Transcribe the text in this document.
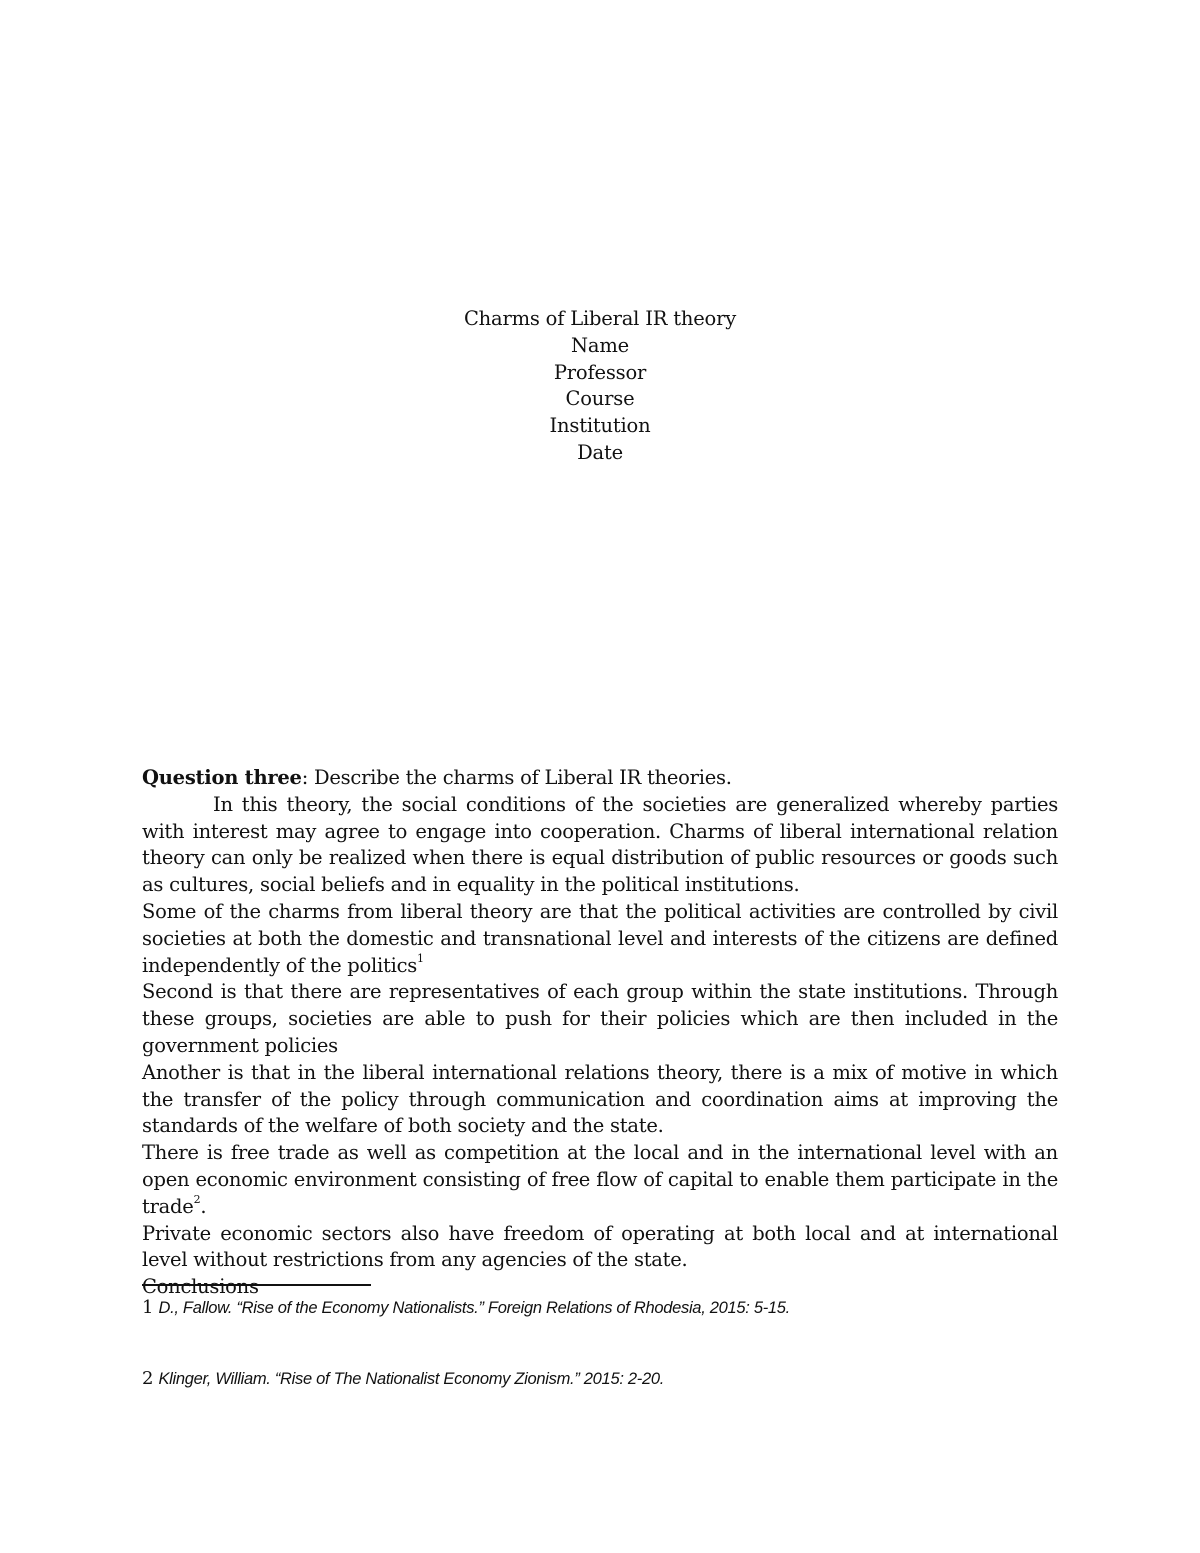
Charms of Liberal IR theory
Name
Professor
Course
Institution
Date

Question three: Describe the charms of Liberal IR theories.

In this theory, the social conditions of the societies are generalized whereby parties with interest may agree to engage into cooperation. Charms of liberal international relation theory can only be realized when there is equal distribution of public resources or goods such as cultures, social beliefs and in equality in the political institutions.

Some of the charms from liberal theory are that the political activities are controlled by civil societies at both the domestic and transnational level and interests of the citizens are defined independently of the politics$^1$

Second is that there are representatives of each group within the state institutions. Through these groups, societies are able to push for their policies which are then included in the government policies

Another is that in the liberal international relations theory, there is a mix of motive in which the transfer of the policy through communication and coordination aims at improving the standards of the welfare of both society and the state.

There is free trade as well as competition at the local and in the international level with an open economic environment consisting of free flow of capital to enable them participate in the trade$^2$.

Private economic sectors also have freedom of operating at both local and at international level without restrictions from any agencies of the state.

Conclusions

1 D., Fallow. “Rise of the Economy Nationalists.” Foreign Relations of Rhodesia, 2015: 5-15.
2 Klinger, William. “Rise of The Nationalist Economy Zionism.” 2015: 2-20.
